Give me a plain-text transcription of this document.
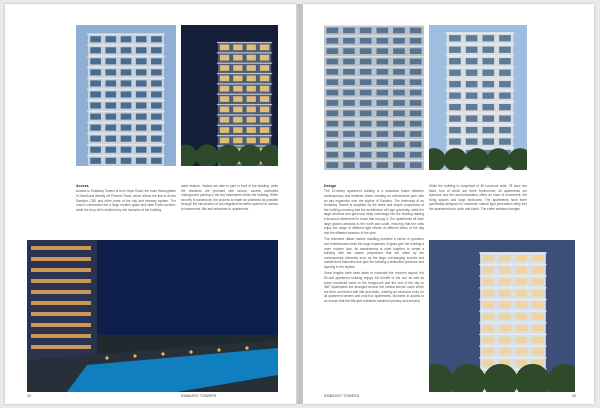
Access

Access to Embassy Towers is from Hope Road, the main thoroughfare in Sandhurst directly off Phoenix Road, which allows the link to all the Sandton CBD and other parts of the city and freeway system. The road is overlooked but a large modern glass and steel Porte-cochere, while the drop-off is sheltered by the inclusion of the building

water feature. Visitors are able to park in front of the building, while the residents are provided with secure, access controlled underground parking in the two basements below the building. While security is paramount, the process is made as seamless as possible through the introduction of an integrated biometric system for access to basements, lifts and entrances to apartments.

32	EMBASSY TOWERS
Design

The 12-storey apartment building is a seamless fusion between contemporary and timeless charm creating an architectural gem with an airy expansive over the skyline of Sandton. The freshness of an Embassy Towers is amplified by the sleek and simple proportions of the building ensuring that the architecture will age gracefully, while the large windows and generous deep overhangs into the building making a luxurious statement for those that occupy it. The apartments all have large glazed windows to the north and south, ensuring that the units enjoy the range of different light effects at different times of the day and the different seasons of the year.

The extensive Italian marble cladding provides a sense of grandeur and timelessness while the large expanses of glass give the building a more modern look. Its massiveness is used together to create a building with the classic proportions that are offset by the contemporary elements such as the large overhanging louvres and cantilevered balconies that give the building a distinctive presence and layering to the skyline.

Great lengths have been taken to maximise the northern aspect, the 80-unit apartment building enjoys full benefit of the sun as well as some wonderful views to the foreground and the rest of the city so 360° Apartments are arranged around five central service cores which are then connected with lifts and stairs, creating an exclusive entry for all apartment owners and only four apartments. Moments in access to an ensure that the lifts give residents maximum privacy and security.

While the building is comprised of 80 luxurious units, 78 have two beds, four of which are three bedroomed, all apartments are spacious and the accommodation offers an ease of movement, the living spaces and large bedrooms. The apartments have been specifically designed for maximum natural light penetration deep into the apartment from north and south. The entire selected lounges

EMBASSY TOWERS	33
